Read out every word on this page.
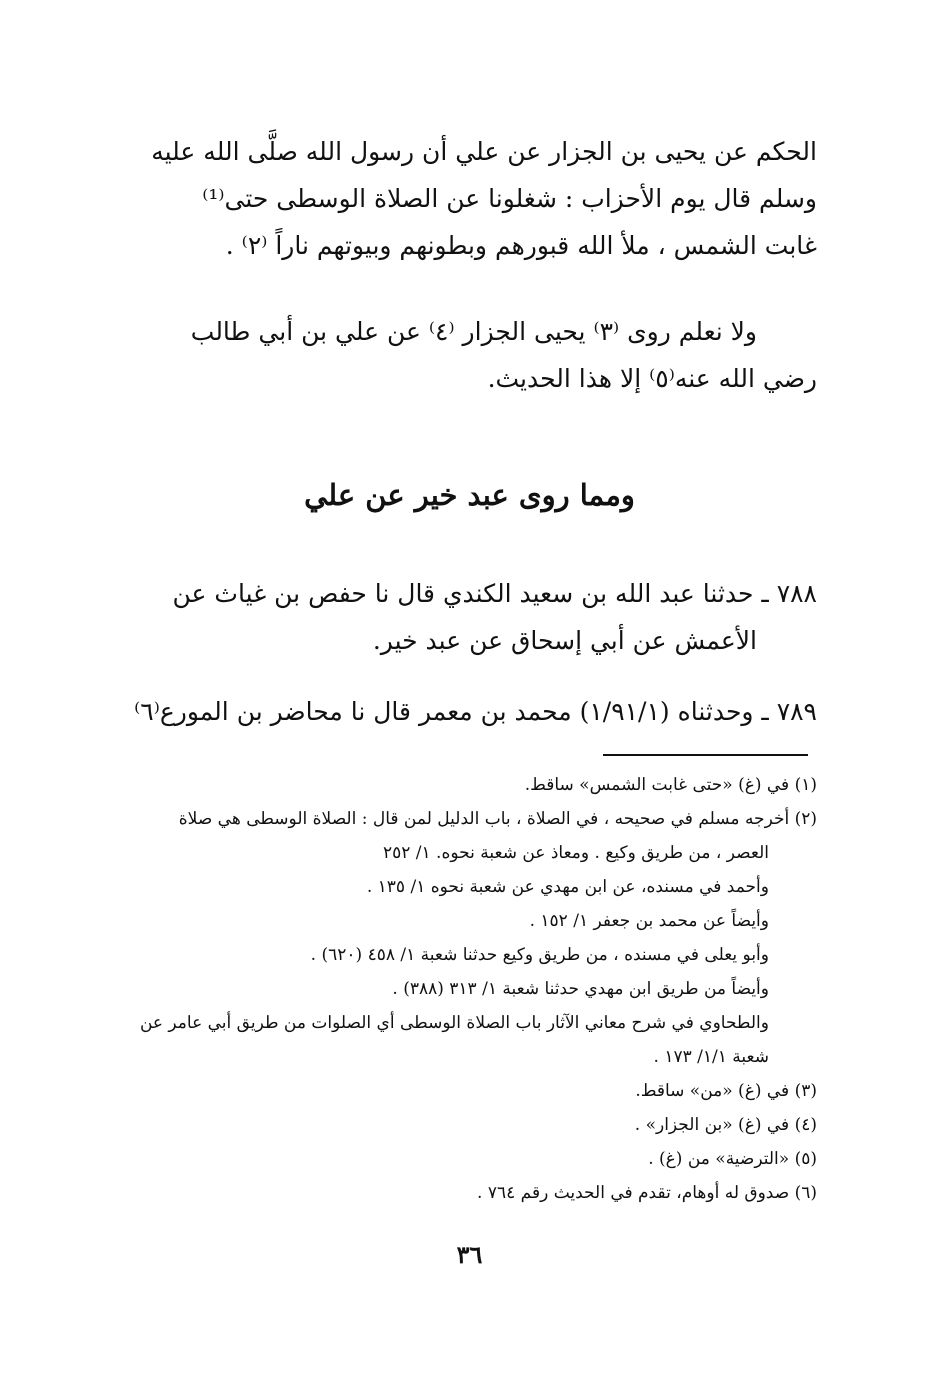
الحكم عن يحيى بن الجزار عن علي أن رسول الله صلَّى الله عليه
وسلم قال يوم الأحزاب : شغلونا عن الصلاة الوسطى حتى⁽¹⁾
غابت الشمس ، ملأ الله قبورهم وبطونهم وبيوتهم ناراً ⁽٢⁾ .
ولا نعلم روى ⁽٣⁾ يحيى الجزار ⁽٤⁾ عن علي بن أبي طالب
رضي الله عنه⁽٥⁾ إلا هذا الحديث.
ومما روى عبد خير عن علي
٧٨٨ ـ حدثنا عبد الله بن سعيد الكندي قال نا حفص بن غياث عن
الأعمش عن أبي إسحاق عن عبد خير.
٧٨٩ ـ وحدثناه (١/٩١/١) محمد بن معمر قال نا محاضر بن المورع⁽٦⁾
(١) في (غ) «حتى غابت الشمس» ساقط.
(٢) أخرجه مسلم في صحيحه ، في الصلاة ، باب الدليل لمن قال : الصلاة الوسطى هي صلاة
العصر ، من طريق وكيع . ومعاذ عن شعبة نحوه. ١/ ٢٥٢
وأحمد في مسنده، عن ابن مهدي عن شعبة نحوه ١/ ١٣٥ .
وأيضاً عن محمد بن جعفر ١/ ١٥٢ .
وأبو يعلى في مسنده ، من طريق وكيع حدثنا شعبة ١/ ٤٥٨ (٦٢٠) .
وأيضاً من طريق ابن مهدي حدثنا شعبة ١/ ٣١٣ (٣٨٨) .
والطحاوي في شرح معاني الآثار باب الصلاة الوسطى أي الصلوات من طريق أبي عامر عن
شعبة ١/١/ ١٧٣ .
(٣) في (غ) «من» ساقط.
(٤) في (غ) «بن الجزار» .
(٥) «الترضية» من (غ) .
(٦) صدوق له أوهام، تقدم في الحديث رقم ٧٦٤ .
٣٦
